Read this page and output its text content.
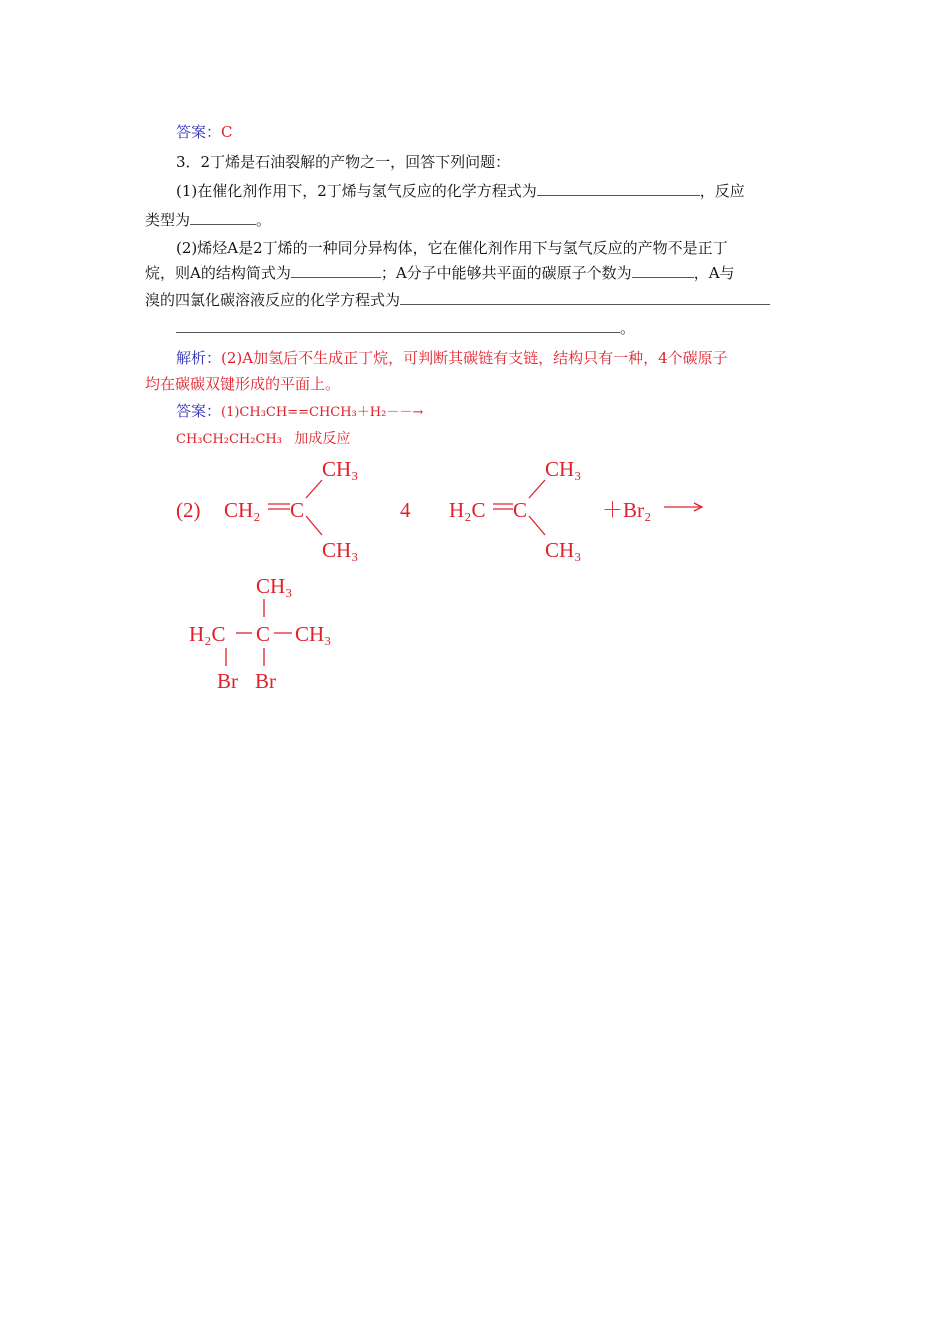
答案：C
3．2丁烯是石油裂解的产物之一，回答下列问题：
(1)在催化剂作用下，2丁烯与氢气反应的化学方程式为	，反应
类型为	。
(2)烯烃A是2丁烯的一种同分异构体，它在催化剂作用下与氢气反应的产物不是正丁
烷，则A的结构简式为	；A分子中能够共平面的碳原子个数为	，A与
溴的四氯化碳溶液反应的化学方程式为
。
解析：(2)A加氢后不生成正丁烷，可判断其碳链有支链，结构只有一种，4个碳原子
均在碳碳双键形成的平面上。
答案：(1)CH₃CH==CHCH₃＋H₂－－→
CH₃CH₂CH₂CH₃ 加成反应
(2) CH₂ C
CH₃
CH₃
4 H₂C C
CH₃
CH₃
＋Br₂
CH₃
H₂C C CH₃
Br Br
